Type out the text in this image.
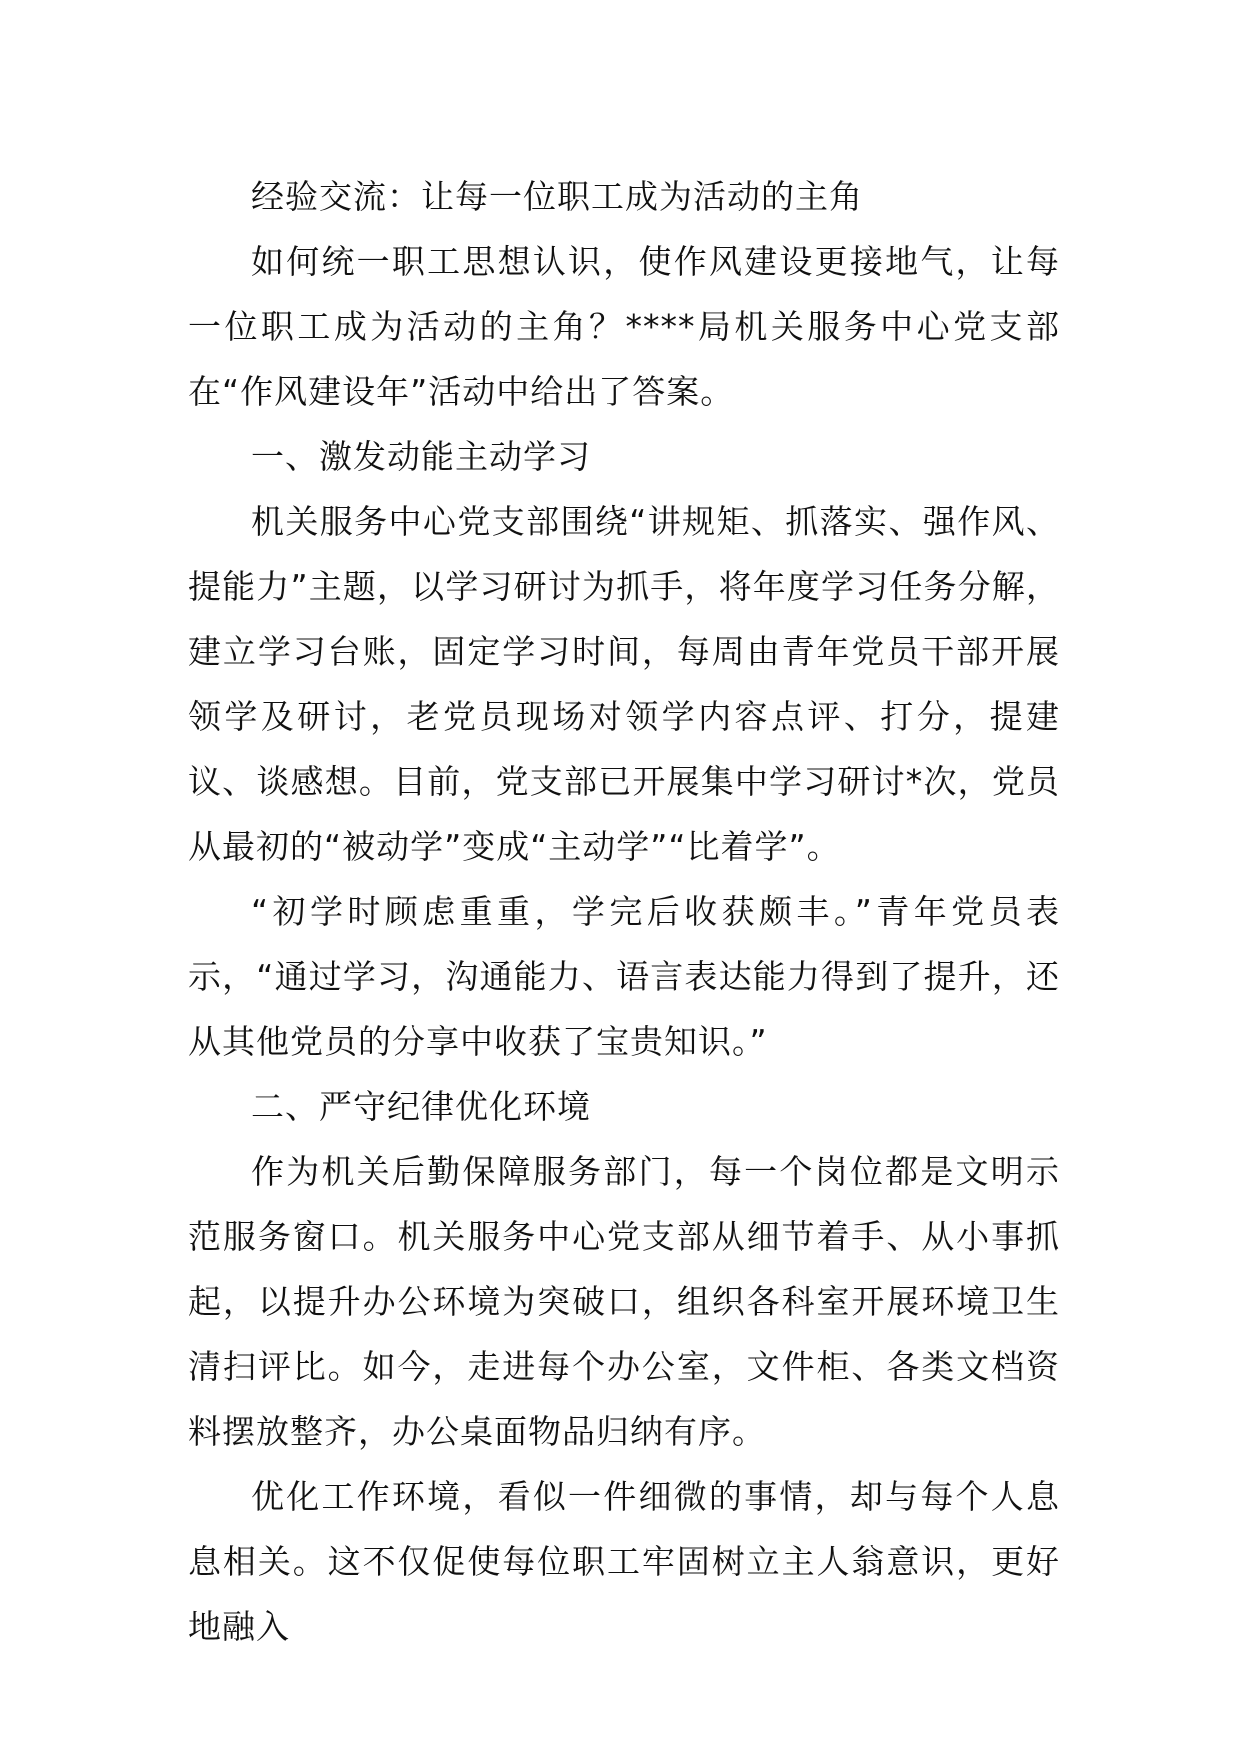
经验交流：让每一位职工成为活动的主角

如何统一职工思想认识，使作风建设更接地气，让每一位职工成为活动的主角？****局机关服务中心党支部在“作风建设年”活动中给出了答案。

一、激发动能主动学习

机关服务中心党支部围绕“讲规矩、抓落实、强作风、提能力”主题，以学习研讨为抓手，将年度学习任务分解，建立学习台账，固定学习时间，每周由青年党员干部开展领学及研讨，老党员现场对领学内容点评、打分，提建议、谈感想。目前，党支部已开展集中学习研讨*次，党员从最初的“被动学”变成“主动学”“比着学”。

“初学时顾虑重重，学完后收获颇丰。”青年党员表示，“通过学习，沟通能力、语言表达能力得到了提升，还从其他党员的分享中收获了宝贵知识。”

二、严守纪律优化环境

作为机关后勤保障服务部门，每一个岗位都是文明示范服务窗口。机关服务中心党支部从细节着手、从小事抓起，以提升办公环境为突破口，组织各科室开展环境卫生清扫评比。如今，走进每个办公室，文件柜、各类文档资料摆放整齐，办公桌面物品归纳有序。

优化工作环境，看似一件细微的事情，却与每个人息息相关。这不仅促使每位职工牢固树立主人翁意识，更好地融入
